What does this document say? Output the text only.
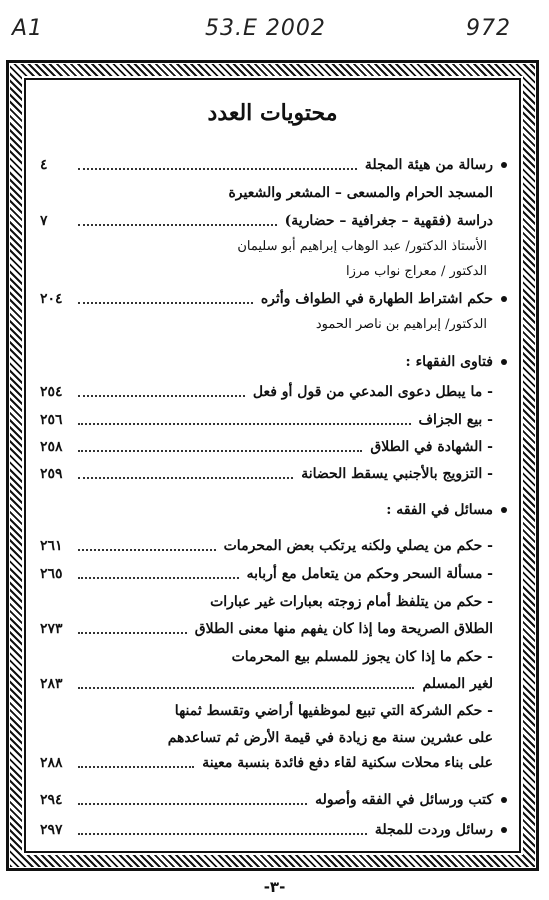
A1	53.E 2002	972
محتويات العدد
رسالة من هيئة المجلة
٤
المسجد الحرام والمسعى – المشعر والشعيرة
دراسة (فقهية – جغرافية – حضارية)
٧
الأستاذ الدكتور/ عبد الوهاب إبراهيم أبو سليمان
الدكتور / معراج نواب مرزا
حكم اشتراط الطهارة في الطواف وأثره
٢٠٤
الدكتور/ إبراهيم بن ناصر الحمود
فتاوى الفقهاء :
- ما يبطل دعوى المدعي من قول أو فعل
٢٥٤
- بيع الجزاف
٢٥٦
- الشهادة في الطلاق
٢٥٨
- التزويج بالأجنبي يسقط الحضانة
٢٥٩
مسائل في الفقه :
- حكم من يصلي ولكنه يرتكب بعض المحرمات
٢٦١
- مسألة السحر وحكم من يتعامل مع أربابه
٢٦٥
- حكم من يتلفظ أمام زوجته بعبارات غير عبارات
الطلاق الصريحة وما إذا كان يفهم منها معنى الطلاق
٢٧٣
- حكم ما إذا كان يجوز للمسلم بيع المحرمات
لغير المسلم
٢٨٣
- حكم الشركة التي تبيع لموظفيها أراضي وتقسط ثمنها
على عشرين سنة مع زيادة في قيمة الأرض ثم تساعدهم
على بناء محلات سكنية لقاء دفع فائدة بنسبة معينة
٢٨٨
كتب ورسائل في الفقه وأصوله
٢٩٤
رسائل وردت للمجلة
٢٩٧
-٣-
